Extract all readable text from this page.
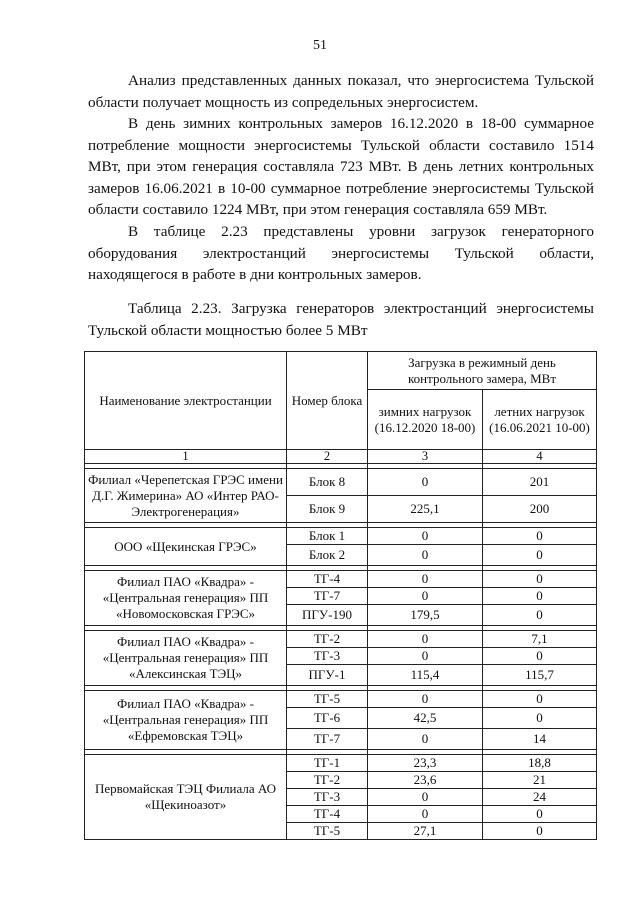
51

Анализ представленных данных показал, что энергосистема Тульской области получает мощность из сопредельных энергосистем.

В день зимних контрольных замеров 16.12.2020 в 18-00 суммарное потребление мощности энергосистемы Тульской области составило 1514 МВт, при этом генерация составляла 723 МВт. В день летних контрольных замеров 16.06.2021 в 10-00 суммарное потребление энергосистемы Тульской области составило 1224 МВт, при этом генерация составляла 659 МВт.

В таблице 2.23 представлены уровни загрузок генераторного оборудования электростанций энергосистемы Тульской области, находящегося в работе в дни контрольных замеров.

Таблица 2.23. Загрузка генераторов электростанций энергосистемы Тульской области мощностью более 5 МВт
Наименование электростанции	Номер блока	Загрузка в режимный день контрольного замера, МВт	
		зимних нагрузок (16.12.2020 18-00)	летних нагрузок (16.06.2021 10-00)
1	2	3	4

Филиал «Черепетская ГРЭС имени Д.Г. Жимерина» АО «Интер РАО-Электрогенерация»	Блок 8	0	201
	Блок 9	225,1	200

ООО «Щекинская ГРЭС»	Блок 1	0	0
	Блок 2	0	0

Филиал ПАО «Квадра» - «Центральная генерация» ПП «Новомосковская ГРЭС»	ТГ-4	0	0
	ТГ-7	0	0
	ПГУ-190	179,5	0

Филиал ПАО «Квадра» - «Центральная генерация» ПП «Алексинская ТЭЦ»	ТГ-2	0	7,1
	ТГ-3	0	0
	ПГУ-1	115,4	115,7

Филиал ПАО «Квадра» - «Центральная генерация» ПП «Ефремовская ТЭЦ»	ТГ-5	0	0
	ТГ-6	42,5	0
	ТГ-7	0	14

Первомайская ТЭЦ Филиала АО «Щекиноазот»	ТГ-1	23,3	18,8
	ТГ-2	23,6	21
	ТГ-3	0	24
	ТГ-4	0	0
	ТГ-5	27,1	0
